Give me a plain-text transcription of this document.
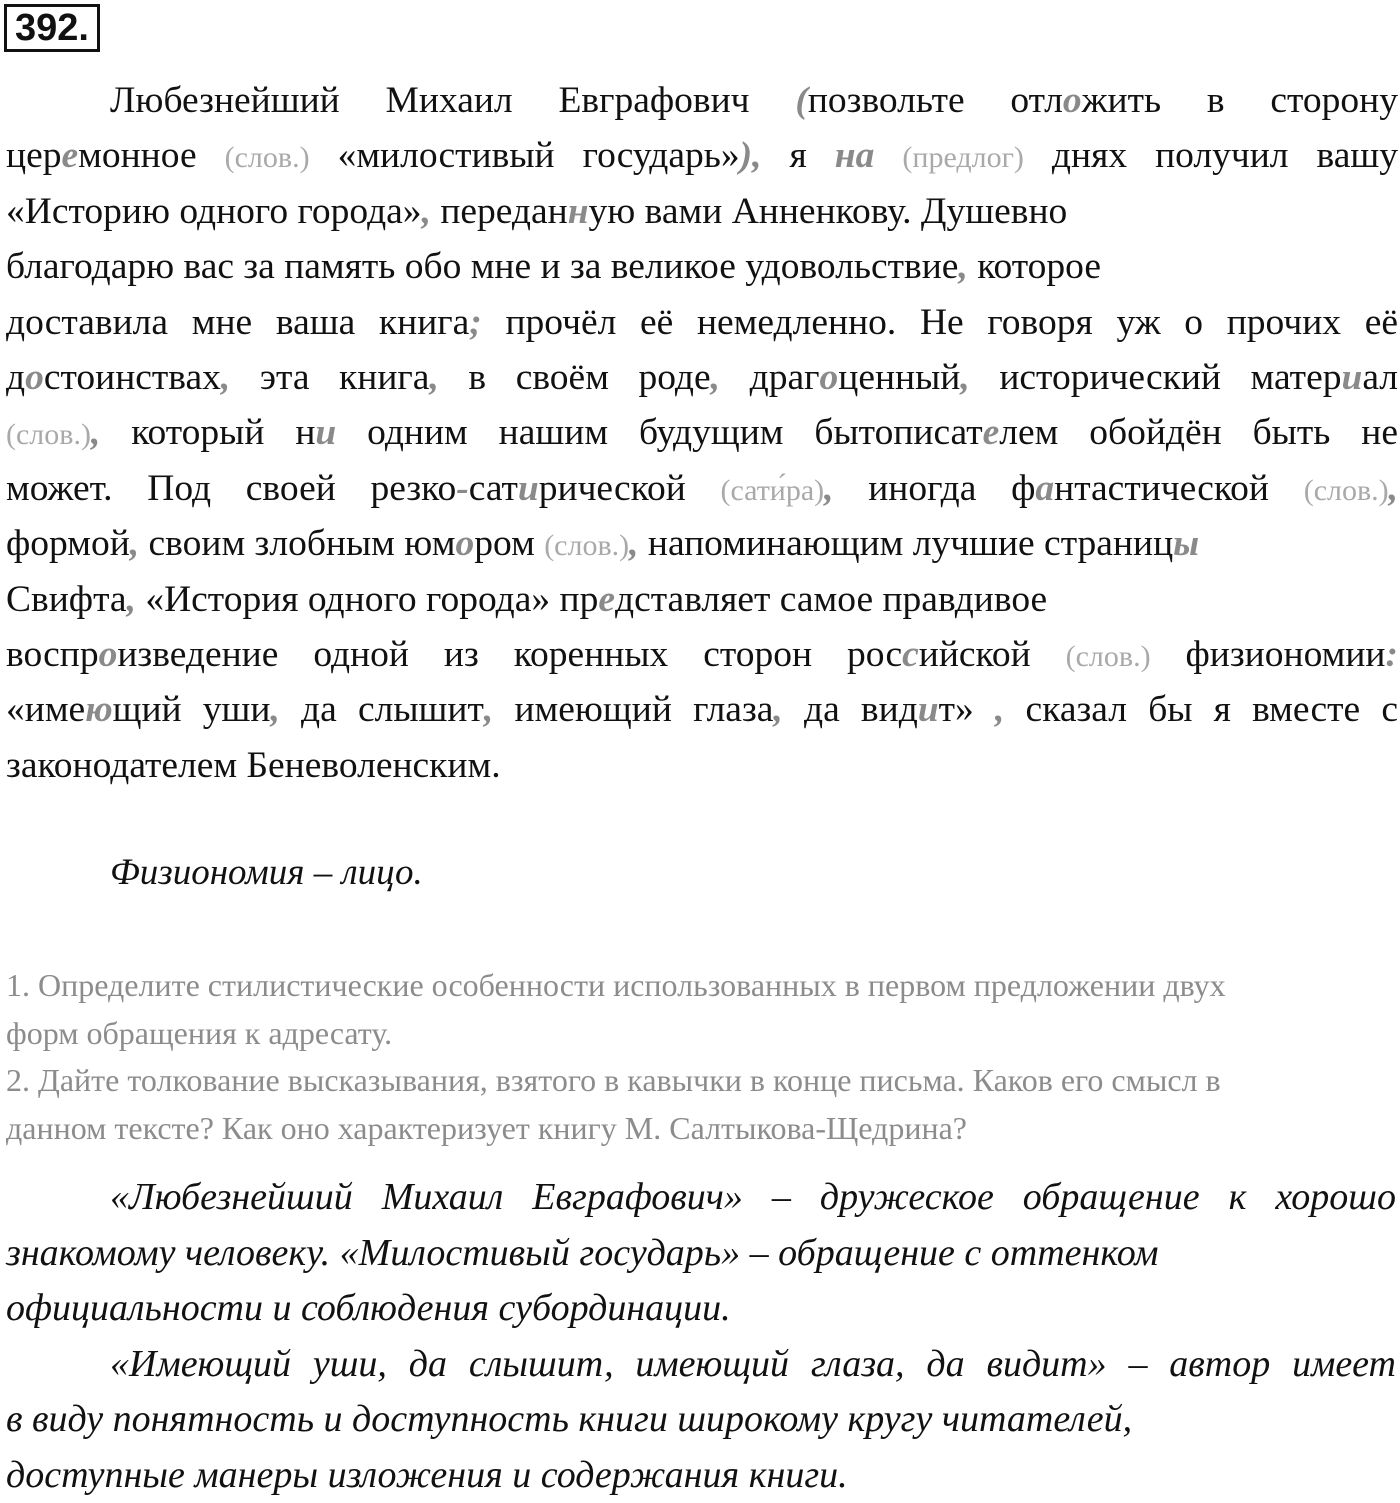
392.
Любезнейший Михаил Евграфович (позвольте отложить в сторону
церемонное (слов.) «милостивый государь»), я на (предлог) днях получил вашу
«Историю одного города», переданную вами Анненкову. Душевно
благодарю вас за память обо мне и за великое удовольствие, которое
доставила мне ваша книга; прочёл её немедленно. Не говоря уж о прочих её
достоинствах, эта книга, в своём роде, драгоценный, исторический материал
(слов.), который ни одним нашим будущим бытописателем обойдён быть не
может. Под своей резко-сатирической (сати́ра), иногда фантастической (слов.),
формой, своим злобным юмором (слов.), напоминающим лучшие страницы
Свифта, «История одного города» представляет самое правдивое
воспроизведение одной из коренных сторон российской (слов.) физиономии:
«имеющий уши, да слышит, имеющий глаза, да видит» , сказал бы я вместе с
законодателем Беневоленским.
Физиономия – лицо.
1. Определите стилистические особенности использованных в первом предложении двух
форм обращения к адресату.
2. Дайте толкование высказывания, взятого в кавычки в конце письма. Каков его смысл в
данном тексте? Как оно характеризует книгу М. Салтыкова-Щедрина?
«Любезнейший Михаил Евграфович» – дружеское обращение к хорошо
знакомому человеку. «Милостивый государь» – обращение с оттенком
официальности и соблюдения субординации.
«Имеющий уши, да слышит, имеющий глаза, да видит» – автор имеет
в виду понятность и доступность книги широкому кругу читателей,
доступные манеры изложения и содержания книги.
